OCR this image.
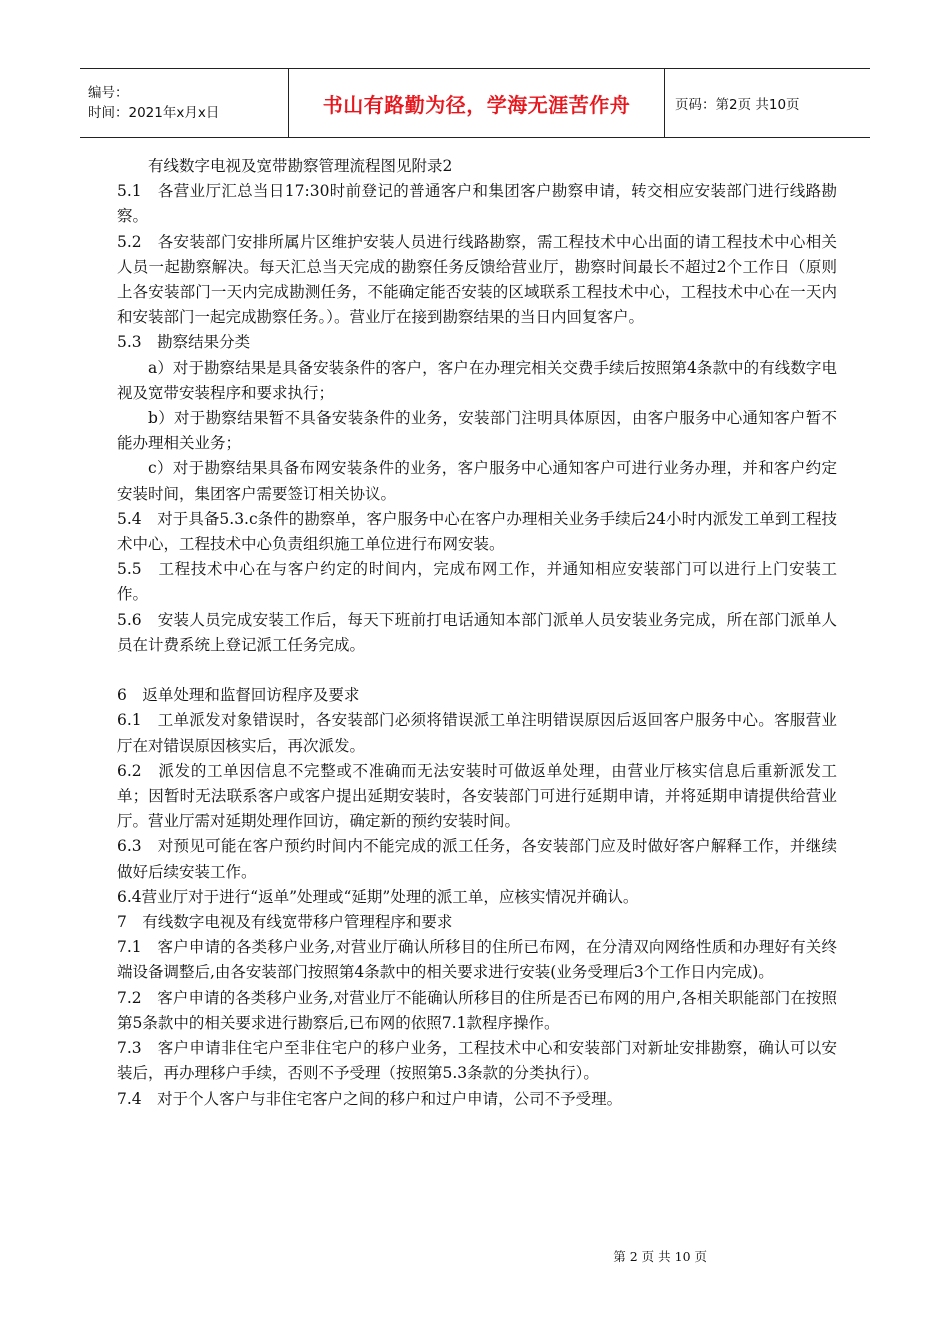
编号：
时间：2021年x月x日	书山有路勤为径，学海无涯苦作舟	页码：第2页 共10页

有线数字电视及宽带勘察管理流程图见附录2

5.1　各营业厅汇总当日17:30时前登记的普通客户和集团客户勘察申请，转交相应安装部门进行线路勘察。

5.2　各安装部门安排所属片区维护安装人员进行线路勘察，需工程技术中心出面的请工程技术中心相关人员一起勘察解决。每天汇总当天完成的勘察任务反馈给营业厅，勘察时间最长不超过2个工作日（原则上各安装部门一天内完成勘测任务，不能确定能否安装的区域联系工程技术中心，工程技术中心在一天内和安装部门一起完成勘察任务。）。营业厅在接到勘察结果的当日内回复客户。

5.3　勘察结果分类

a）对于勘察结果是具备安装条件的客户，客户在办理完相关交费手续后按照第4条款中的有线数字电视及宽带安装程序和要求执行；

b）对于勘察结果暂不具备安装条件的业务，安装部门注明具体原因，由客户服务中心通知客户暂不能办理相关业务；

c）对于勘察结果具备布网安装条件的业务，客户服务中心通知客户可进行业务办理，并和客户约定安装时间，集团客户需要签订相关协议。

5.4　对于具备5.3.c条件的勘察单，客户服务中心在客户办理相关业务手续后24小时内派发工单到工程技术中心，工程技术中心负责组织施工单位进行布网安装。

5.5　工程技术中心在与客户约定的时间内，完成布网工作，并通知相应安装部门可以进行上门安装工作。

5.6　安装人员完成安装工作后，每天下班前打电话通知本部门派单人员安装业务完成，所在部门派单人员在计费系统上登记派工任务完成。

6　返单处理和监督回访程序及要求

6.1　工单派发对象错误时，各安装部门必须将错误派工单注明错误原因后返回客户服务中心。客服营业厅在对错误原因核实后，再次派发。

6.2　派发的工单因信息不完整或不准确而无法安装时可做返单处理，由营业厅核实信息后重新派发工单；因暂时无法联系客户或客户提出延期安装时，各安装部门可进行延期申请，并将延期申请提供给营业厅。营业厅需对延期处理作回访，确定新的预约安装时间。

6.3　对预见可能在客户预约时间内不能完成的派工任务，各安装部门应及时做好客户解释工作，并继续做好后续安装工作。

6.4营业厅对于进行“返单”处理或“延期”处理的派工单，应核实情况并确认。

7　有线数字电视及有线宽带移户管理程序和要求

7.1　客户申请的各类移户业务,对营业厅确认所移目的住所已布网，在分清双向网络性质和办理好有关终端设备调整后,由各安装部门按照第4条款中的相关要求进行安装(业务受理后3个工作日内完成)。

7.2　客户申请的各类移户业务,对营业厅不能确认所移目的住所是否已布网的用户,各相关职能部门在按照第5条款中的相关要求进行勘察后,已布网的依照7.1款程序操作。

7.3　客户申请非住宅户至非住宅户的移户业务，工程技术中心和安装部门对新址安排勘察，确认可以安装后，再办理移户手续，否则不予受理（按照第5.3条款的分类执行）。

7.4　对于个人客户与非住宅客户之间的移户和过户申请，公司不予受理。

第 2 页 共 10 页
